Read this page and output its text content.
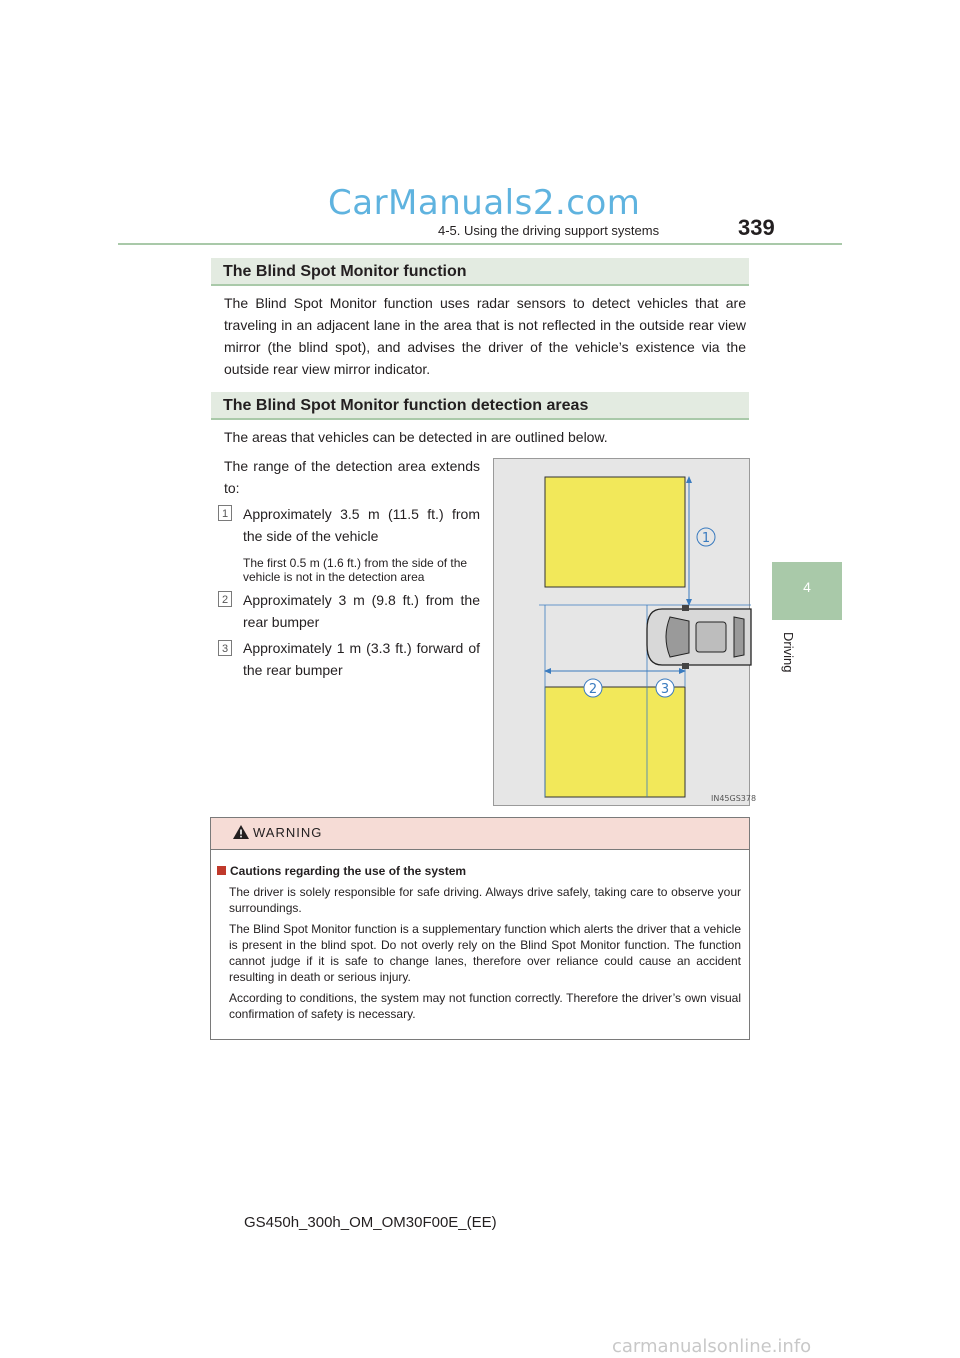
CarManuals2.com
4-5. Using the driving support systems	339
4
Driving
The Blind Spot Monitor function
The Blind Spot Monitor function uses radar sensors to detect vehicles that are traveling in an adjacent lane in the area that is not reflected in the outside rear view mirror (the blind spot), and advises the driver of the vehicle’s existence via the outside rear view mirror indicator.
The Blind Spot Monitor function detection areas
The areas that vehicles can be detected in are outlined below.
The range of the detection area extends to:
1 Approximately 3.5 m (11.5 ft.) from the side of the vehicle
The first 0.5 m (1.6 ft.) from the side of the vehicle is not in the detection area
2 Approximately 3 m (9.8 ft.) from the rear bumper
3 Approximately 1 m (3.3 ft.) forward of the rear bumper
1
2	3
IN45GS378
WARNING
Cautions regarding the use of the system
The driver is solely responsible for safe driving. Always drive safely, taking care to observe your surroundings.
The Blind Spot Monitor function is a supplementary function which alerts the driver that a vehicle is present in the blind spot. Do not overly rely on the Blind Spot Monitor function. The function cannot judge if it is safe to change lanes, therefore over reliance could cause an accident resulting in death or serious injury.
According to conditions, the system may not function correctly. Therefore the driver’s own visual confirmation of safety is necessary.
GS450h_300h_OM_OM30F00E_(EE)
carmanualsonline.info
